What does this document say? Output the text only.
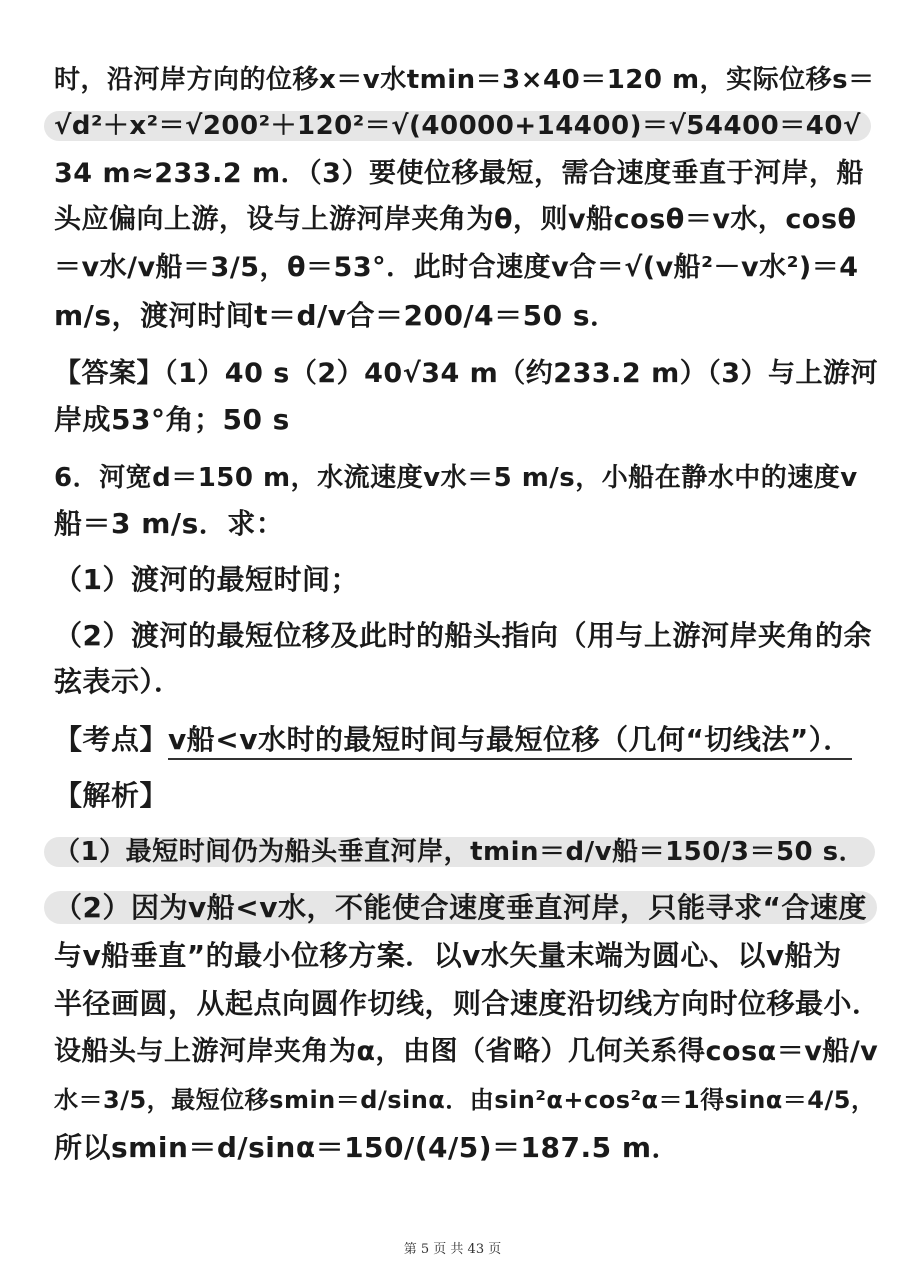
时，沿河岸方向的位移x＝v水tmin＝3×40＝120 m，实际位移s＝
√d²＋x²＝√200²＋120²＝√(40000+14400)＝√54400＝40√
34 m≈233.2 m．（3）要使位移最短，需合速度垂直于河岸，船
头应偏向上游，设与上游河岸夹角为θ，则v船cosθ＝v水，cosθ
＝v水/v船＝3/5，θ＝53°．此时合速度v合＝√(v船²－v水²)＝4
m/s，渡河时间t＝d/v合＝200/4＝50 s．
【答案】（1）40 s（2）40√34 m（约233.2 m）（3）与上游河
岸成53°角；50 s
6．河宽d＝150 m，水流速度v水＝5 m/s，小船在静水中的速度v
船＝3 m/s．求：
（1）渡河的最短时间；
（2）渡河的最短位移及此时的船头指向（用与上游河岸夹角的余
弦表示）．
【考点】v船<v水时的最短时间与最短位移（几何“切线法”）．
【解析】
（1）最短时间仍为船头垂直河岸，tmin＝d/v船＝150/3＝50 s．
（2）因为v船<v水，不能使合速度垂直河岸，只能寻求“合速度
与v船垂直”的最小位移方案．以v水矢量末端为圆心、以v船为
半径画圆，从起点向圆作切线，则合速度沿切线方向时位移最小．
设船头与上游河岸夹角为α，由图（省略）几何关系得cosα＝v船/v
水＝3/5，最短位移smin＝d/sinα．由sin²α+cos²α＝1得sinα＝4/5，
所以smin＝d/sinα＝150/(4/5)＝187.5 m．
第 5 页 共 43 页
